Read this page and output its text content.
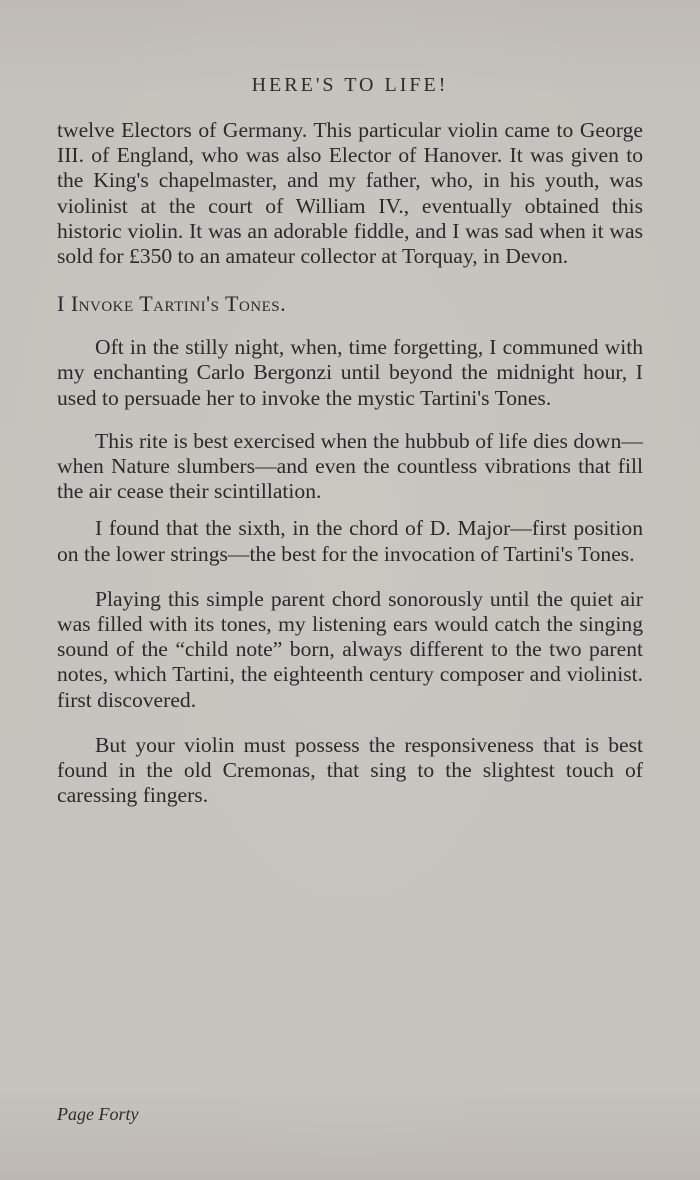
HERE'S TO LIFE!

twelve Electors of Germany. This particular violin came to George III. of England, who was also Elector of Hanover. It was given to the King's chapelmaster, and my father, who, in his youth, was violinist at the court of William IV., eventually obtained this historic violin. It was an adorable fiddle, and I was sad when it was sold for £350 to an amateur collector at Torquay, in Devon.

I Invoke Tartini's Tones.

Oft in the stilly night, when, time forgetting, I communed with my enchanting Carlo Bergonzi until beyond the midnight hour, I used to persuade her to invoke the mystic Tartini's Tones.

This rite is best exercised when the hubbub of life dies down—when Nature slumbers—and even the countless vibrations that fill the air cease their scintillation.

I found that the sixth, in the chord of D. Major—first position on the lower strings—the best for the invocation of Tartini's Tones.

Playing this simple parent chord sonorously until the quiet air was filled with its tones, my listening ears would catch the singing sound of the “child note” born, always different to the two parent notes, which Tartini, the eighteenth century composer and violinist. first discovered.

But your violin must possess the responsiveness that is best found in the old Cremonas, that sing to the slightest touch of caressing fingers.

Page Forty
